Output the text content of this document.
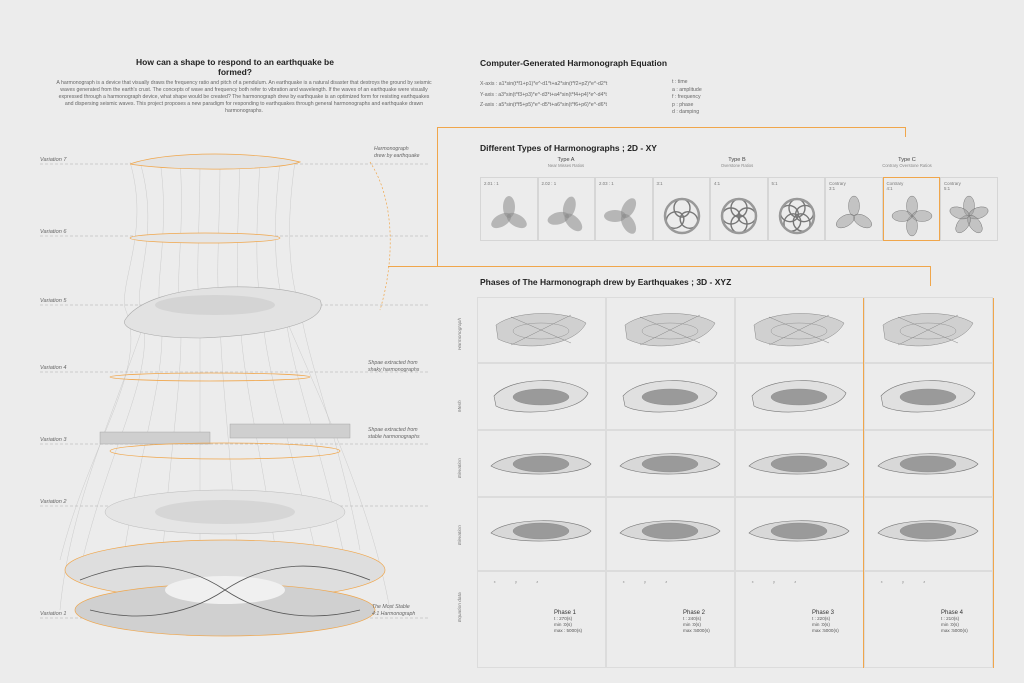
How can a shape to respond to an earthquake be formed?
A harmonograph is a device that visually draws the frequency ratio and pitch of a pendulum. An earthquake is a natural disaster that destroys the ground by seismic waves generated from the earth's crust. The concepts of wave and frequency both refer to vibration and wavelength. If the waves of an earthquake were visually expressed through a harmonograph device, what shape would be created? The harmonograph drew by earthquake is an optimized form for resisting earthquakes and dispersing seismic waves. This project proposes a new paradigm for responding to earthquakes through general harmonographs and earthquake drawn harmonographs.
Variation 7
Variation 6
Variation 5
Variation 4
Variation 3
Variation 2
Variation 1
Harmonograph
drew by earthquake
Shpae extracted from
shaky harmonographs
Shpae extracted from
stable harmonographs
The Most Stable
4:1 Harmonograph
Computer-Generated Harmonograph Equation
X-axis : a1*sin(t*f1+p1)*e^-d1*t+a2*sin(t*f2+p2)*e^-d2*t
Y-axis : a3*sin(t*f3+p3)*e^-d3*t+a4*sin(t*f4+p4)*e^-d4*t
Z-axis : a5*sin(t*f5+p5)*e^-d5*t+a6*sin(t*f6+p6)*e^-d6*t
t : time
a : amplitude
f : frequency
p : phase
d : damping
Different Types of Harmonographs ; 2D - XY
Type A
Near Misses Ratios
Type B
Overstone Ratios
Type C
Contrary Overstone Ratios
2.01 : 1	2.02 : 1	2.03 : 1	3:1	4:1	5:1	Contrary
3:1
Contrary
4:1
Contrary
5:1
Phases of The Harmonograph drew by Earthquakes ; 3D - XYZ
Harmonograph
Mesh
Elevation
Elevation
Equation data
x	y	z
Phase 1
t : 270(s)
min :0(s)
max : 5000(s)
x	y	z
Phase 2
t : 240(s)
min :0(s)
max :5000(s)
x	y	z
Phase 3
t : 220(s)
min :0(s)
max :5000(s)
x	y	z
Phase 4
t : 210(s)
min :0(s)
max :5000(s)
